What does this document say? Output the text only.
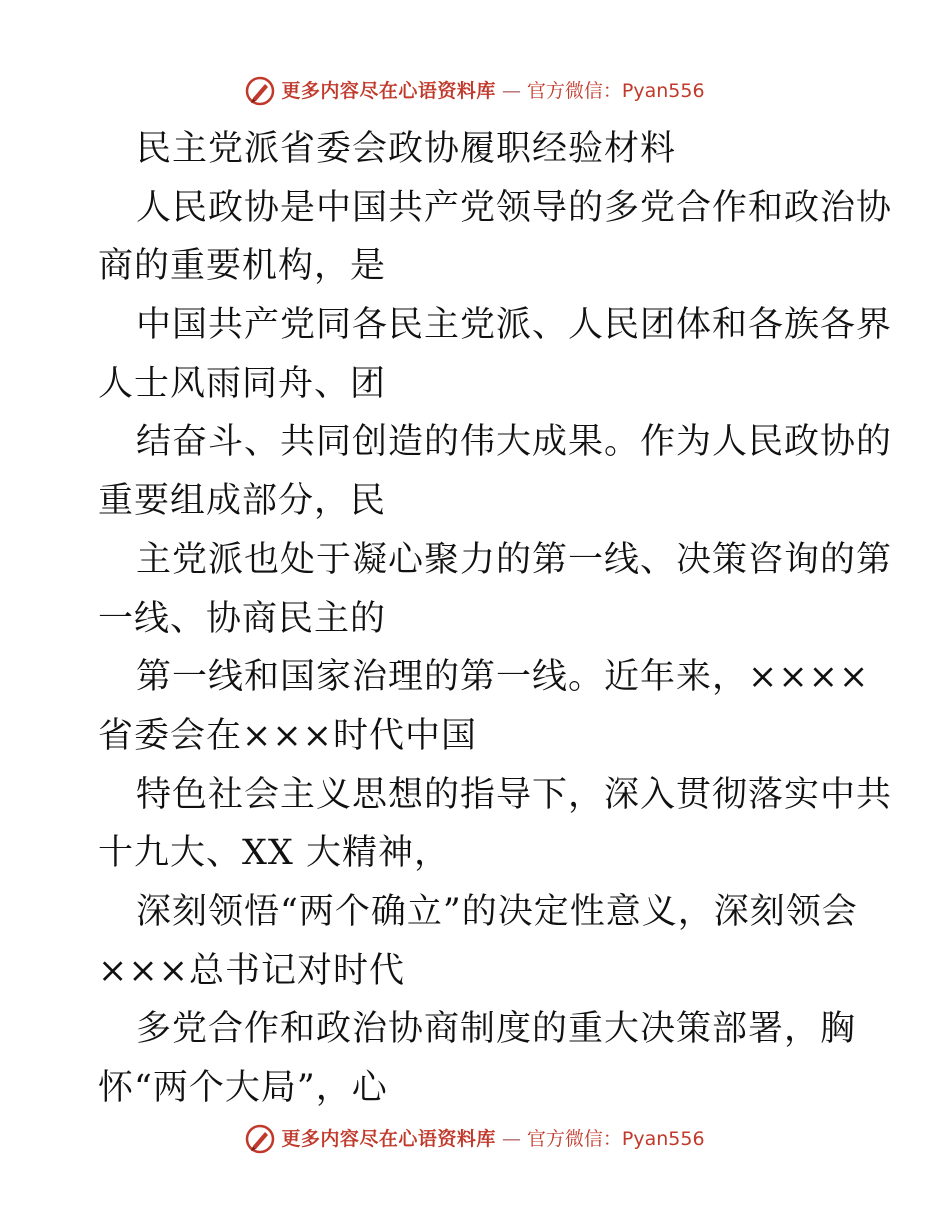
更多内容尽在心语资料库 — 官方微信：Pyan556
民主党派省委会政协履职经验材料
人民政协是中国共产党领导的多党合作和政治协
商的重要机构，是
中国共产党同各民主党派、人民团体和各族各界
人士风雨同舟、团
结奋斗、共同创造的伟大成果。作为人民政协的
重要组成部分，民
主党派也处于凝心聚力的第一线、决策咨询的第
一线、协商民主的
第一线和国家治理的第一线。近年来，××××
省委会在×××时代中国
特色社会主义思想的指导下，深入贯彻落实中共
十九大、XX 大精神，
深刻领悟“两个确立”的决定性意义，深刻领会
×××总书记对时代
多党合作和政治协商制度的重大决策部署，胸
怀“两个大局”，心
更多内容尽在心语资料库 — 官方微信：Pyan556
